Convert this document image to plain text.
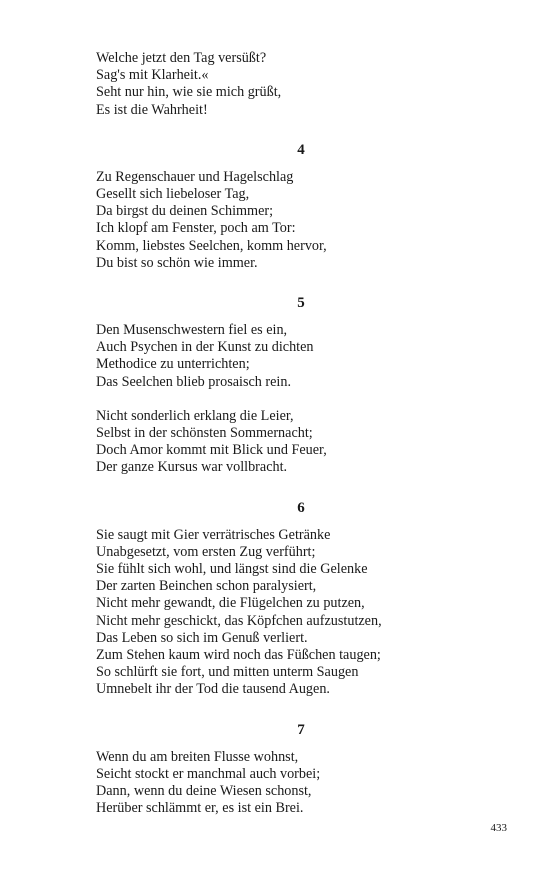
Welche jetzt den Tag versüßt?
Sag's mit Klarheit.«
Seht nur hin, wie sie mich grüßt,
Es ist die Wahrheit!
4
Zu Regenschauer und Hagelschlag
Gesellt sich liebeloser Tag,
Da birgst du deinen Schimmer;
Ich klopf am Fenster, poch am Tor:
Komm, liebstes Seelchen, komm hervor,
Du bist so schön wie immer.
5
Den Musenschwestern fiel es ein,
Auch Psychen in der Kunst zu dichten
Methodice zu unterrichten;
Das Seelchen blieb prosaisch rein.
Nicht sonderlich erklang die Leier,
Selbst in der schönsten Sommernacht;
Doch Amor kommt mit Blick und Feuer,
Der ganze Kursus war vollbracht.
6
Sie saugt mit Gier verrätrisches Getränke
Unabgesetzt, vom ersten Zug verführt;
Sie fühlt sich wohl, und längst sind die Gelenke
Der zarten Beinchen schon paralysiert,
Nicht mehr gewandt, die Flügelchen zu putzen,
Nicht mehr geschickt, das Köpfchen aufzustutzen,
Das Leben so sich im Genuß verliert.
Zum Stehen kaum wird noch das Füßchen taugen;
So schlürft sie fort, und mitten unterm Saugen
Umnebelt ihr der Tod die tausend Augen.
7
Wenn du am breiten Flusse wohnst,
Seicht stockt er manchmal auch vorbei;
Dann, wenn du deine Wiesen schonst,
Herüber schlämmt er, es ist ein Brei.
433
